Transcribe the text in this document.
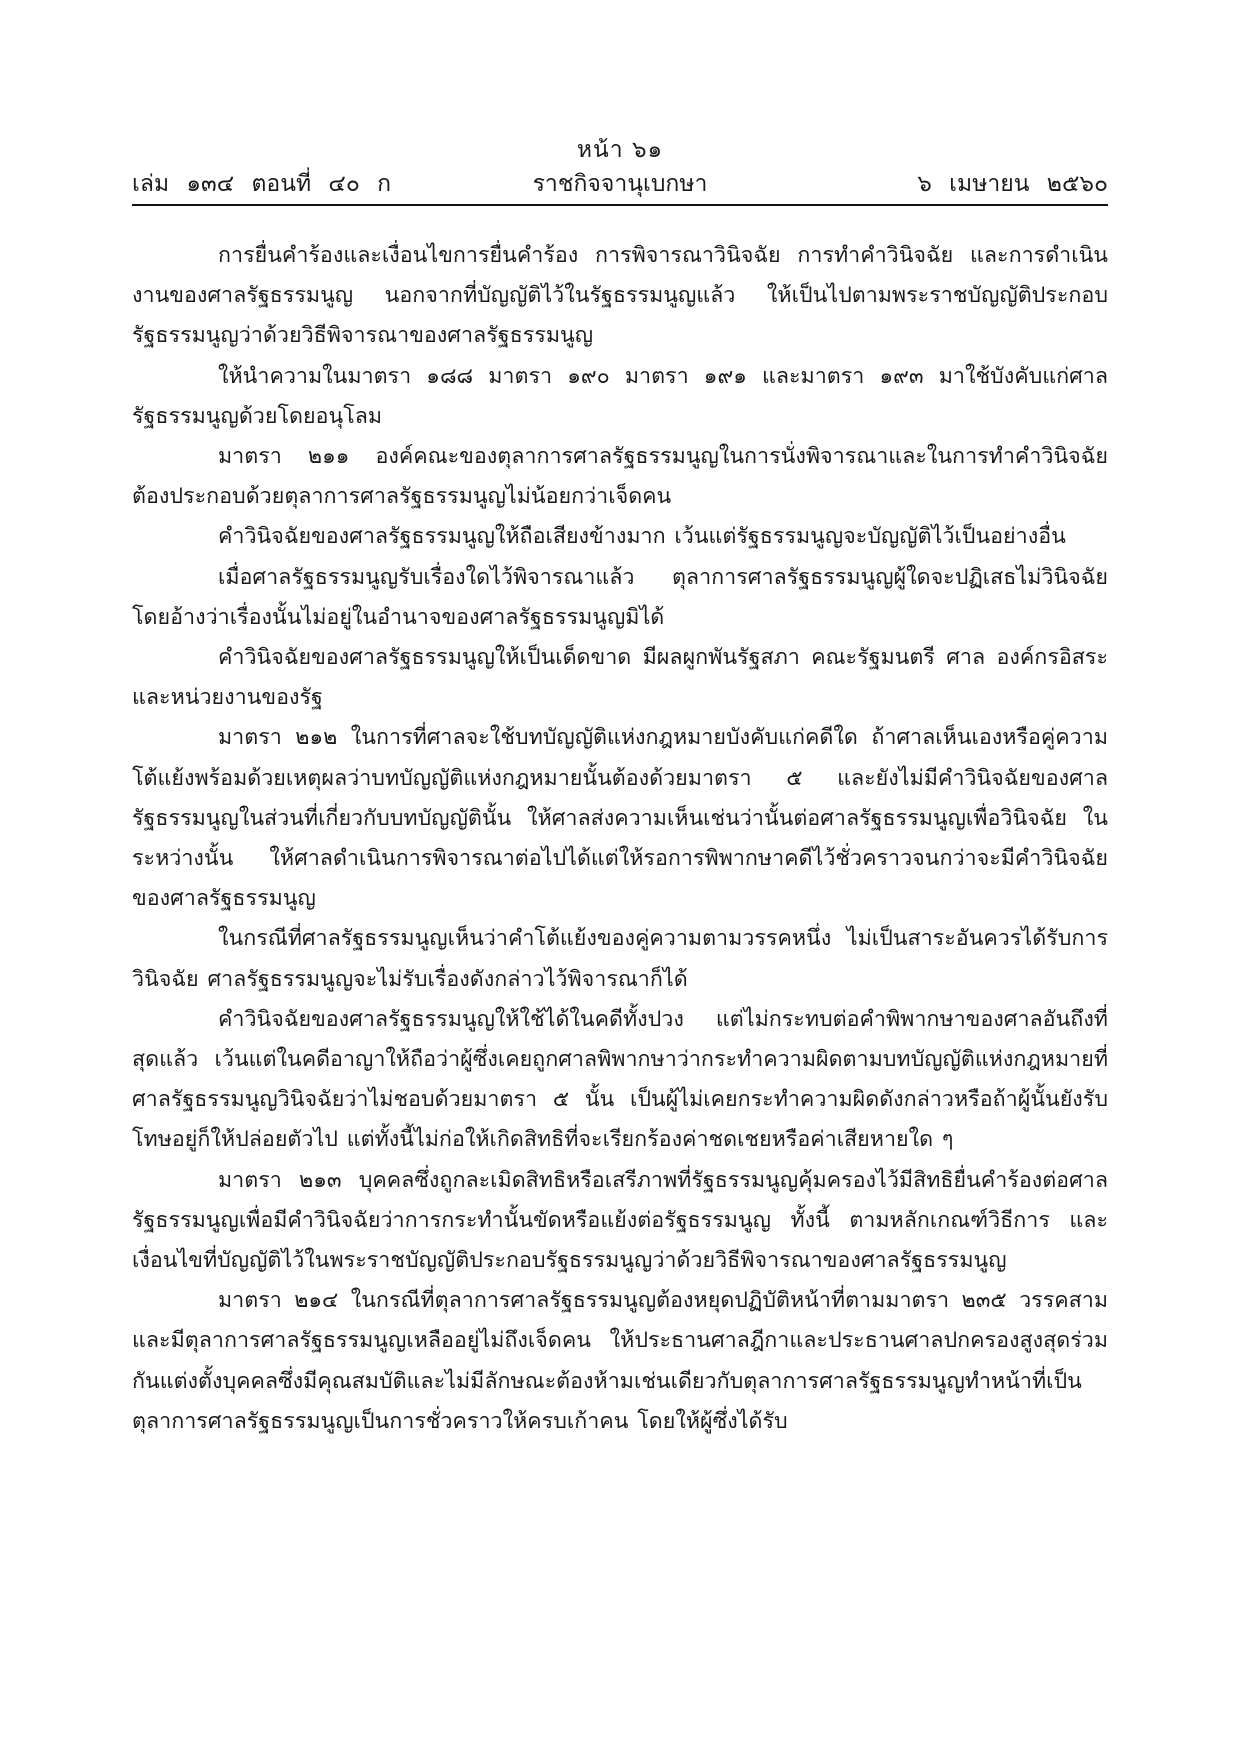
หน้า ๖๑
เล่ม ๑๓๔ ตอนที่ ๔๐ ก	ราชกิจจานุเบกษา	๖ เมษายน ๒๕๖๐

การยื่นคำร้องและเงื่อนไขการยื่นคำร้อง การพิจารณาวินิจฉัย การทำคำวินิจฉัย และการดำเนินงานของศาลรัฐธรรมนูญ นอกจากที่บัญญัติไว้ในรัฐธรรมนูญแล้ว ให้เป็นไปตามพระราชบัญญัติประกอบรัฐธรรมนูญว่าด้วยวิธีพิจารณาของศาลรัฐธรรมนูญ

ให้นำความในมาตรา ๑๘๘ มาตรา ๑๙๐ มาตรา ๑๙๑ และมาตรา ๑๙๓ มาใช้บังคับแก่ศาลรัฐธรรมนูญด้วยโดยอนุโลม

มาตรา ๒๑๑ องค์คณะของตุลาการศาลรัฐธรรมนูญในการนั่งพิจารณาและในการทำคำวินิจฉัยต้องประกอบด้วยตุลาการศาลรัฐธรรมนูญไม่น้อยกว่าเจ็ดคน

คำวินิจฉัยของศาลรัฐธรรมนูญให้ถือเสียงข้างมาก เว้นแต่รัฐธรรมนูญจะบัญญัติไว้เป็นอย่างอื่น

เมื่อศาลรัฐธรรมนูญรับเรื่องใดไว้พิจารณาแล้ว ตุลาการศาลรัฐธรรมนูญผู้ใดจะปฏิเสธไม่วินิจฉัยโดยอ้างว่าเรื่องนั้นไม่อยู่ในอำนาจของศาลรัฐธรรมนูญมิได้

คำวินิจฉัยของศาลรัฐธรรมนูญให้เป็นเด็ดขาด มีผลผูกพันรัฐสภา คณะรัฐมนตรี ศาล องค์กรอิสระและหน่วยงานของรัฐ

มาตรา ๒๑๒ ในการที่ศาลจะใช้บทบัญญัติแห่งกฎหมายบังคับแก่คดีใด ถ้าศาลเห็นเองหรือคู่ความโต้แย้งพร้อมด้วยเหตุผลว่าบทบัญญัติแห่งกฎหมายนั้นต้องด้วยมาตรา ๕ และยังไม่มีคำวินิจฉัยของศาลรัฐธรรมนูญในส่วนที่เกี่ยวกับบทบัญญัตินั้น ให้ศาลส่งความเห็นเช่นว่านั้นต่อศาลรัฐธรรมนูญเพื่อวินิจฉัย ในระหว่างนั้น ให้ศาลดำเนินการพิจารณาต่อไปได้แต่ให้รอการพิพากษาคดีไว้ชั่วคราวจนกว่าจะมีคำวินิจฉัยของศาลรัฐธรรมนูญ

ในกรณีที่ศาลรัฐธรรมนูญเห็นว่าคำโต้แย้งของคู่ความตามวรรคหนึ่ง ไม่เป็นสาระอันควรได้รับการวินิจฉัย ศาลรัฐธรรมนูญจะไม่รับเรื่องดังกล่าวไว้พิจารณาก็ได้

คำวินิจฉัยของศาลรัฐธรรมนูญให้ใช้ได้ในคดีทั้งปวง แต่ไม่กระทบต่อคำพิพากษาของศาลอันถึงที่สุดแล้ว เว้นแต่ในคดีอาญาให้ถือว่าผู้ซึ่งเคยถูกศาลพิพากษาว่ากระทำความผิดตามบทบัญญัติแห่งกฎหมายที่ศาลรัฐธรรมนูญวินิจฉัยว่าไม่ชอบด้วยมาตรา ๕ นั้น เป็นผู้ไม่เคยกระทำความผิดดังกล่าวหรือถ้าผู้นั้นยังรับโทษอยู่ก็ให้ปล่อยตัวไป แต่ทั้งนี้ไม่ก่อให้เกิดสิทธิที่จะเรียกร้องค่าชดเชยหรือค่าเสียหายใด ๆ

มาตรา ๒๑๓ บุคคลซึ่งถูกละเมิดสิทธิหรือเสรีภาพที่รัฐธรรมนูญคุ้มครองไว้มีสิทธิยื่นคำร้องต่อศาลรัฐธรรมนูญเพื่อมีคำวินิจฉัยว่าการกระทำนั้นขัดหรือแย้งต่อรัฐธรรมนูญ ทั้งนี้ ตามหลักเกณฑ์วิธีการ และเงื่อนไขที่บัญญัติไว้ในพระราชบัญญัติประกอบรัฐธรรมนูญว่าด้วยวิธีพิจารณาของศาลรัฐธรรมนูญ

มาตรา ๒๑๔ ในกรณีที่ตุลาการศาลรัฐธรรมนูญต้องหยุดปฏิบัติหน้าที่ตามมาตรา ๒๓๕ วรรคสาม และมีตุลาการศาลรัฐธรรมนูญเหลืออยู่ไม่ถึงเจ็ดคน ให้ประธานศาลฎีกาและประธานศาลปกครองสูงสุดร่วมกันแต่งตั้งบุคคลซึ่งมีคุณสมบัติและไม่มีลักษณะต้องห้ามเช่นเดียวกับตุลาการศาลรัฐธรรมนูญทำหน้าที่เป็นตุลาการศาลรัฐธรรมนูญเป็นการชั่วคราวให้ครบเก้าคน โดยให้ผู้ซึ่งได้รับ
